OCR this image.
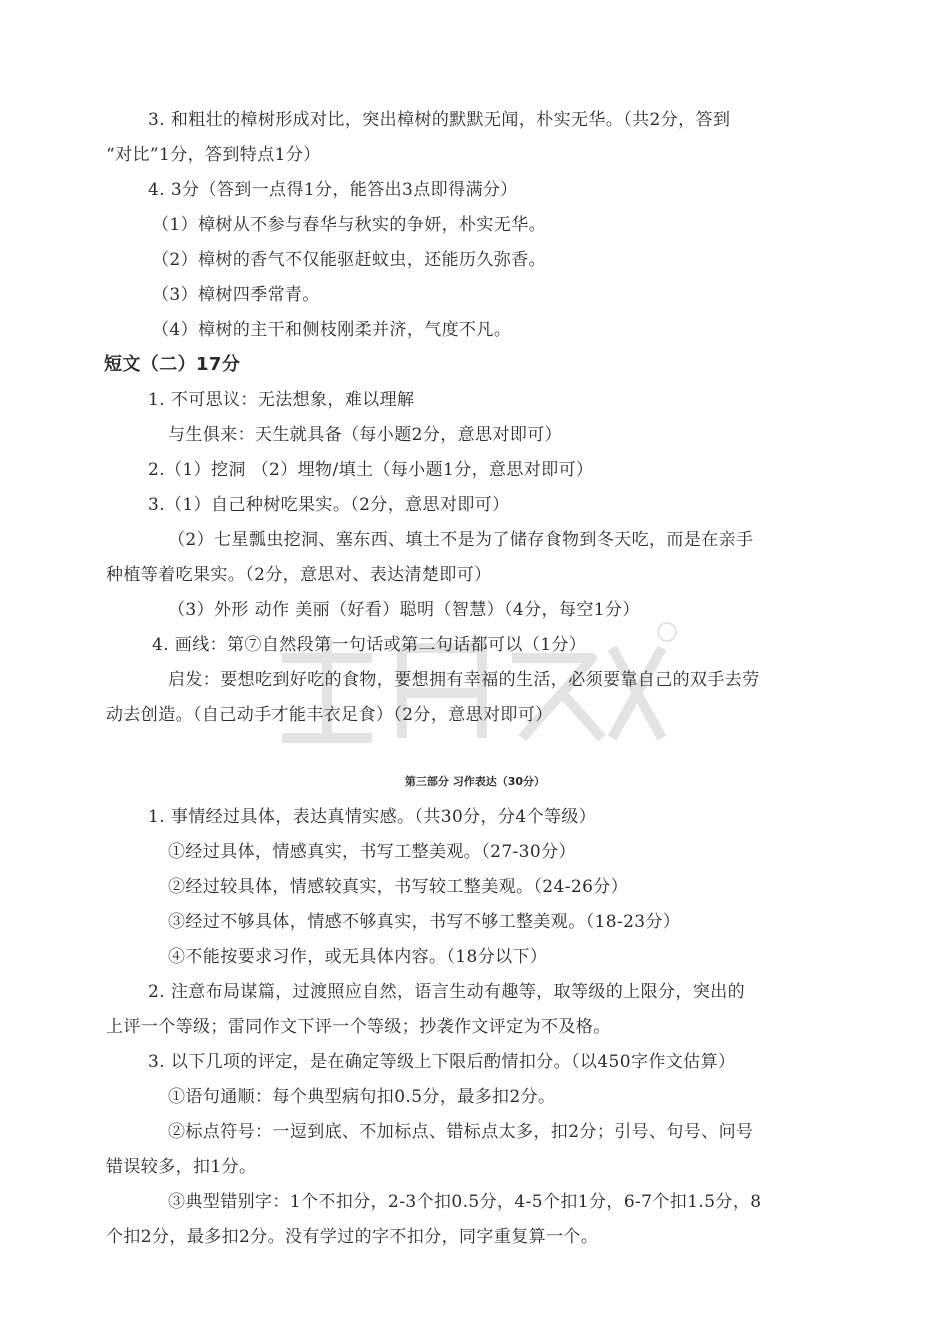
3. 和粗壮的樟树形成对比，突出樟树的默默无闻，朴实无华。（共2分，答到
“对比”1分，答到特点1分）
4. 3分（答到一点得1分，能答出3点即得满分）
（1）樟树从不参与春华与秋实的争妍，朴实无华。
（2）樟树的香气不仅能驱赶蚊虫，还能历久弥香。
（3）樟树四季常青。
（4）樟树的主干和侧枝刚柔并济，气度不凡。
短文（二）17分
1. 不可思议：无法想象，难以理解
与生俱来：天生就具备（每小题2分，意思对即可）
2.（1）挖洞 （2）埋物/填土（每小题1分，意思对即可）
3.（1）自己种树吃果实。（2分，意思对即可）
（2）七星瓢虫挖洞、塞东西、填土不是为了储存食物到冬天吃，而是在亲手
种植等着吃果实。（2分，意思对、表达清楚即可）
（3）外形 动作 美丽（好看）聪明（智慧）（4分，每空1分）
4. 画线：第⑦自然段第一句话或第二句话都可以（1分）
启发：要想吃到好吃的食物，要想拥有幸福的生活，必须要靠自己的双手去劳
动去创造。（自己动手才能丰衣足食）（2分，意思对即可）
第三部分 习作表达（30分）
1. 事情经过具体，表达真情实感。（共30分，分4个等级）
①经过具体，情感真实，书写工整美观。（27-30分）
②经过较具体，情感较真实，书写较工整美观。（24-26分）
③经过不够具体，情感不够真实，书写不够工整美观。（18-23分）
④不能按要求习作，或无具体内容。（18分以下）
2. 注意布局谋篇，过渡照应自然，语言生动有趣等，取等级的上限分，突出的
上评一个等级；雷同作文下评一个等级；抄袭作文评定为不及格。
3. 以下几项的评定，是在确定等级上下限后酌情扣分。（以450字作文估算）
①语句通顺：每个典型病句扣0.5分，最多扣2分。
②标点符号：一逗到底、不加标点、错标点太多，扣2分；引号、句号、问号
错误较多，扣1分。
③典型错别字：1个不扣分，2-3个扣0.5分，4-5个扣1分，6-7个扣1.5分，8
个扣2分，最多扣2分。没有学过的字不扣分，同字重复算一个。
